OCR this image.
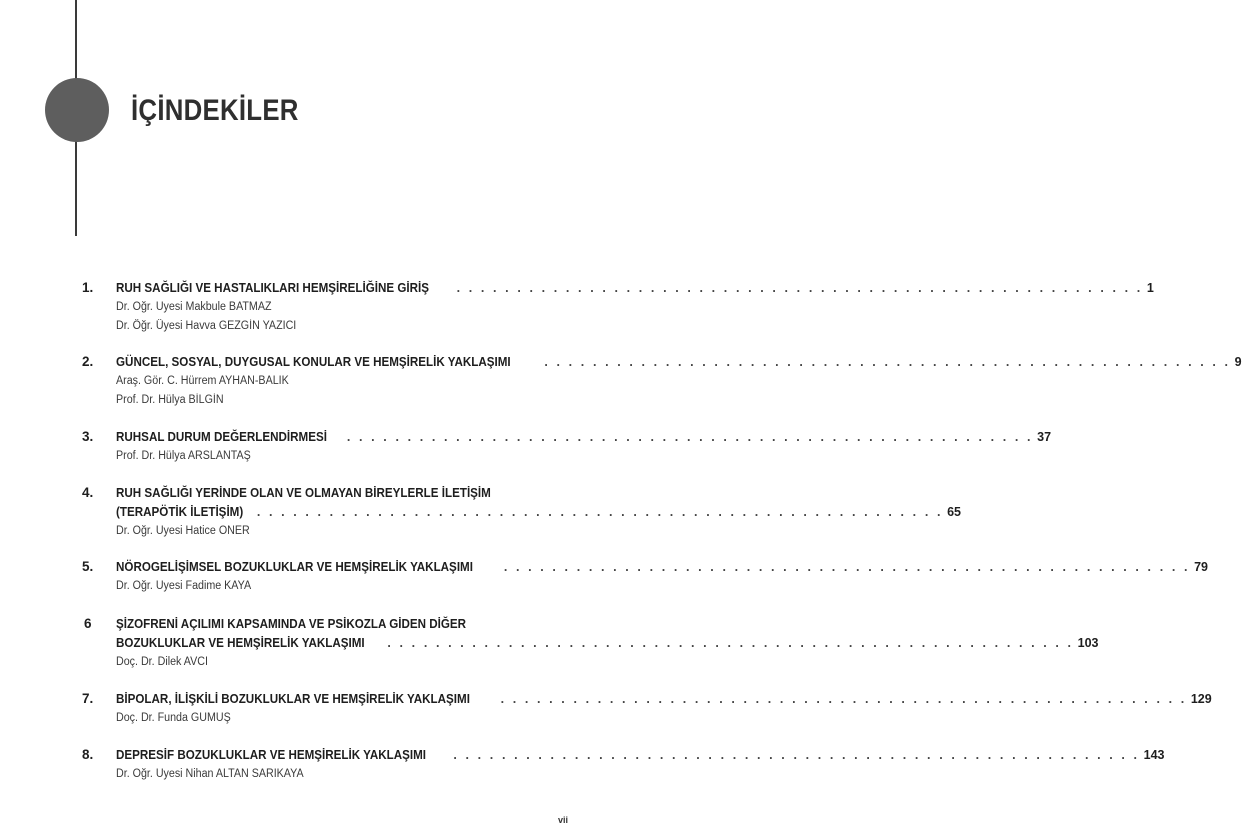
İÇİNDEKİLER
1. RUH SAĞLIĞI VE HASTALIKLARI HEMŞİRELİĞİNE GİRİŞ . . . . . . . . . . . . . . . . . . . . . . . . . . . . . . . . . . . . . . . . . . . . . . . . . . . . . . . . . 1
Dr. Öğr. Üyesi Makbule BATMAZ
Dr. Öğr. Üyesi Havva GEZGİN YAZICI
2. GÜNCEL, SOSYAL, DUYGUSAL KONULAR VE HEMŞİRELİK YAKLAŞIMI	. . . . . . . . . . . . . . . . . . . . . . . . . . . . . . . . . . . . . . . . . . . . . . . . . . . . . . . . . 9
Araş. Gör. C. Hürrem AYHAN-BALIK
Prof. Dr. Hülya BİLGİN
3. RUHSAL DURUM DEĞERLENDİRMESİ . . . . . . . . . . . . . . . . . . . . . . . . . . . . . . . . . . . . . . . . . . . . . . . . . . . . . . . . . 37
Prof. Dr. Hülya ARSLANTAŞ
4. RUH SAĞLIĞI YERİNDE OLAN VE OLMAYAN BİREYLERLE İLETİŞİM
(TERAPÖTİK İLETİŞİM) . . . . . . . . . . . . . . . . . . . . . . . . . . . . . . . . . . . . . . . . . . . . . . . . . . . . . . . . . 65
Dr. Öğr. Üyesi Hatice ÖNER
5. NÖROGELİŞİMSEL BOZUKLUKLAR VE HEMŞİRELİK YAKLAŞIMI . . . . . . . . . . . . . . . . . . . . . . . . . . . . . . . . . . . . . . . . . . . . . . . . . . . . . . . . . 79
Dr. Öğr. Üyesi Fadime KAYA
6 ŞİZOFRENİ AÇILIMI KAPSAMINDA VE PSİKOZLA GİDEN DİĞER
BOZUKLUKLAR VE HEMŞİRELİK YAKLAŞIMI . . . . . . . . . . . . . . . . . . . . . . . . . . . . . . . . . . . . . . . . . . . . . . . . . . . . . . . . . 103
Doç. Dr. Dilek AVCI
7. BİPOLAR, İLİŞKİLİ BOZUKLUKLAR VE HEMŞİRELİK YAKLAŞIMI . . . . . . . . . . . . . . . . . . . . . . . . . . . . . . . . . . . . . . . . . . . . . . . . . . . . . . . . . 129
Doç. Dr. Funda GÜMÜŞ
8. DEPRESİF BOZUKLUKLAR VE HEMŞİRELİK YAKLAŞIMI . . . . . . . . . . . . . . . . . . . . . . . . . . . . . . . . . . . . . . . . . . . . . . . . . . . . . . . . . 143
Dr. Öğr. Üyesi Nihan ALTAN SARIKAYA
vii
